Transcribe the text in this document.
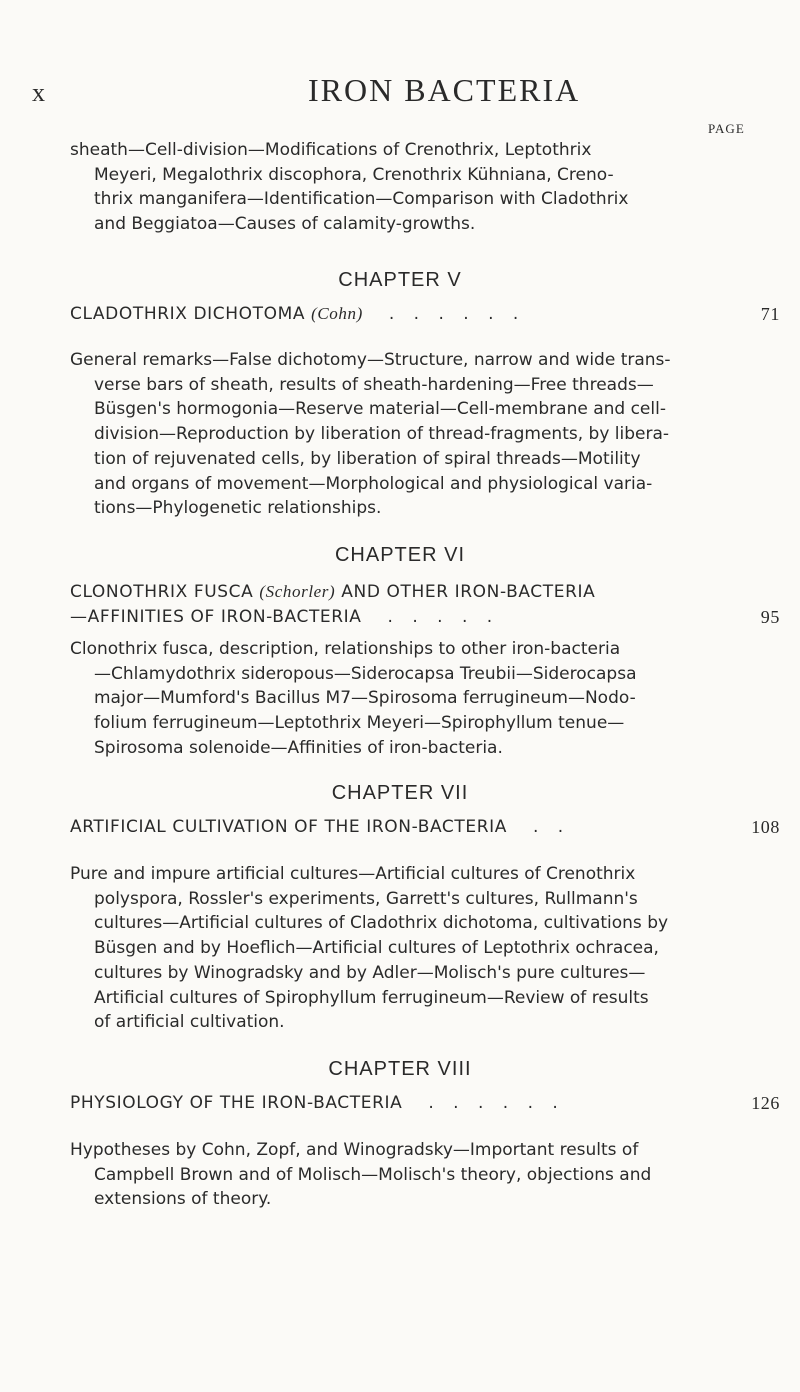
x	IRON BACTERIA
PAGE

sheath—Cell-division—Modifications of Crenothrix, Leptothrix
Meyeri, Megalothrix discophora, Crenothrix Kühniana, Creno-
thrix manganifera—Identification—Comparison with Cladothrix
and Beggiatoa—Causes of calamity-growths.

CHAPTER V
CLADOTHRIX DICHOTOMA (Cohn) . . . . . .	71

General remarks—False dichotomy—Structure, narrow and wide trans-
verse bars of sheath, results of sheath-hardening—Free threads—
Büsgen's hormogonia—Reserve material—Cell-membrane and cell-
division—Reproduction by liberation of thread-fragments, by libera-
tion of rejuvenated cells, by liberation of spiral threads—Motility
and organs of movement—Morphological and physiological varia-
tions—Phylogenetic relationships.

CHAPTER VI
CLONOTHRIX FUSCA (Schorler) AND OTHER IRON-BACTERIA
—AFFINITIES OF IRON-BACTERIA . . . . .	95

Clonothrix fusca, description, relationships to other iron-bacteria
—Chlamydothrix sideropous—Siderocapsa Treubii—Siderocapsa
major—Mumford's Bacillus M7—Spirosoma ferrugineum—Nodo-
folium ferrugineum—Leptothrix Meyeri—Spirophyllum tenue—
Spirosoma solenoide—Affinities of iron-bacteria.

CHAPTER VII
ARTIFICIAL CULTIVATION OF THE IRON-BACTERIA . .	108

Pure and impure artificial cultures—Artificial cultures of Crenothrix
polyspora, Rossler's experiments, Garrett's cultures, Rullmann's
cultures—Artificial cultures of Cladothrix dichotoma, cultivations by
Büsgen and by Hoeflich—Artificial cultures of Leptothrix ochracea,
cultures by Winogradsky and by Adler—Molisch's pure cultures—
Artificial cultures of Spirophyllum ferrugineum—Review of results
of artificial cultivation.

CHAPTER VIII
PHYSIOLOGY OF THE IRON-BACTERIA . . . . . .	126

Hypotheses by Cohn, Zopf, and Winogradsky—Important results of
Campbell Brown and of Molisch—Molisch's theory, objections and
extensions of theory.
